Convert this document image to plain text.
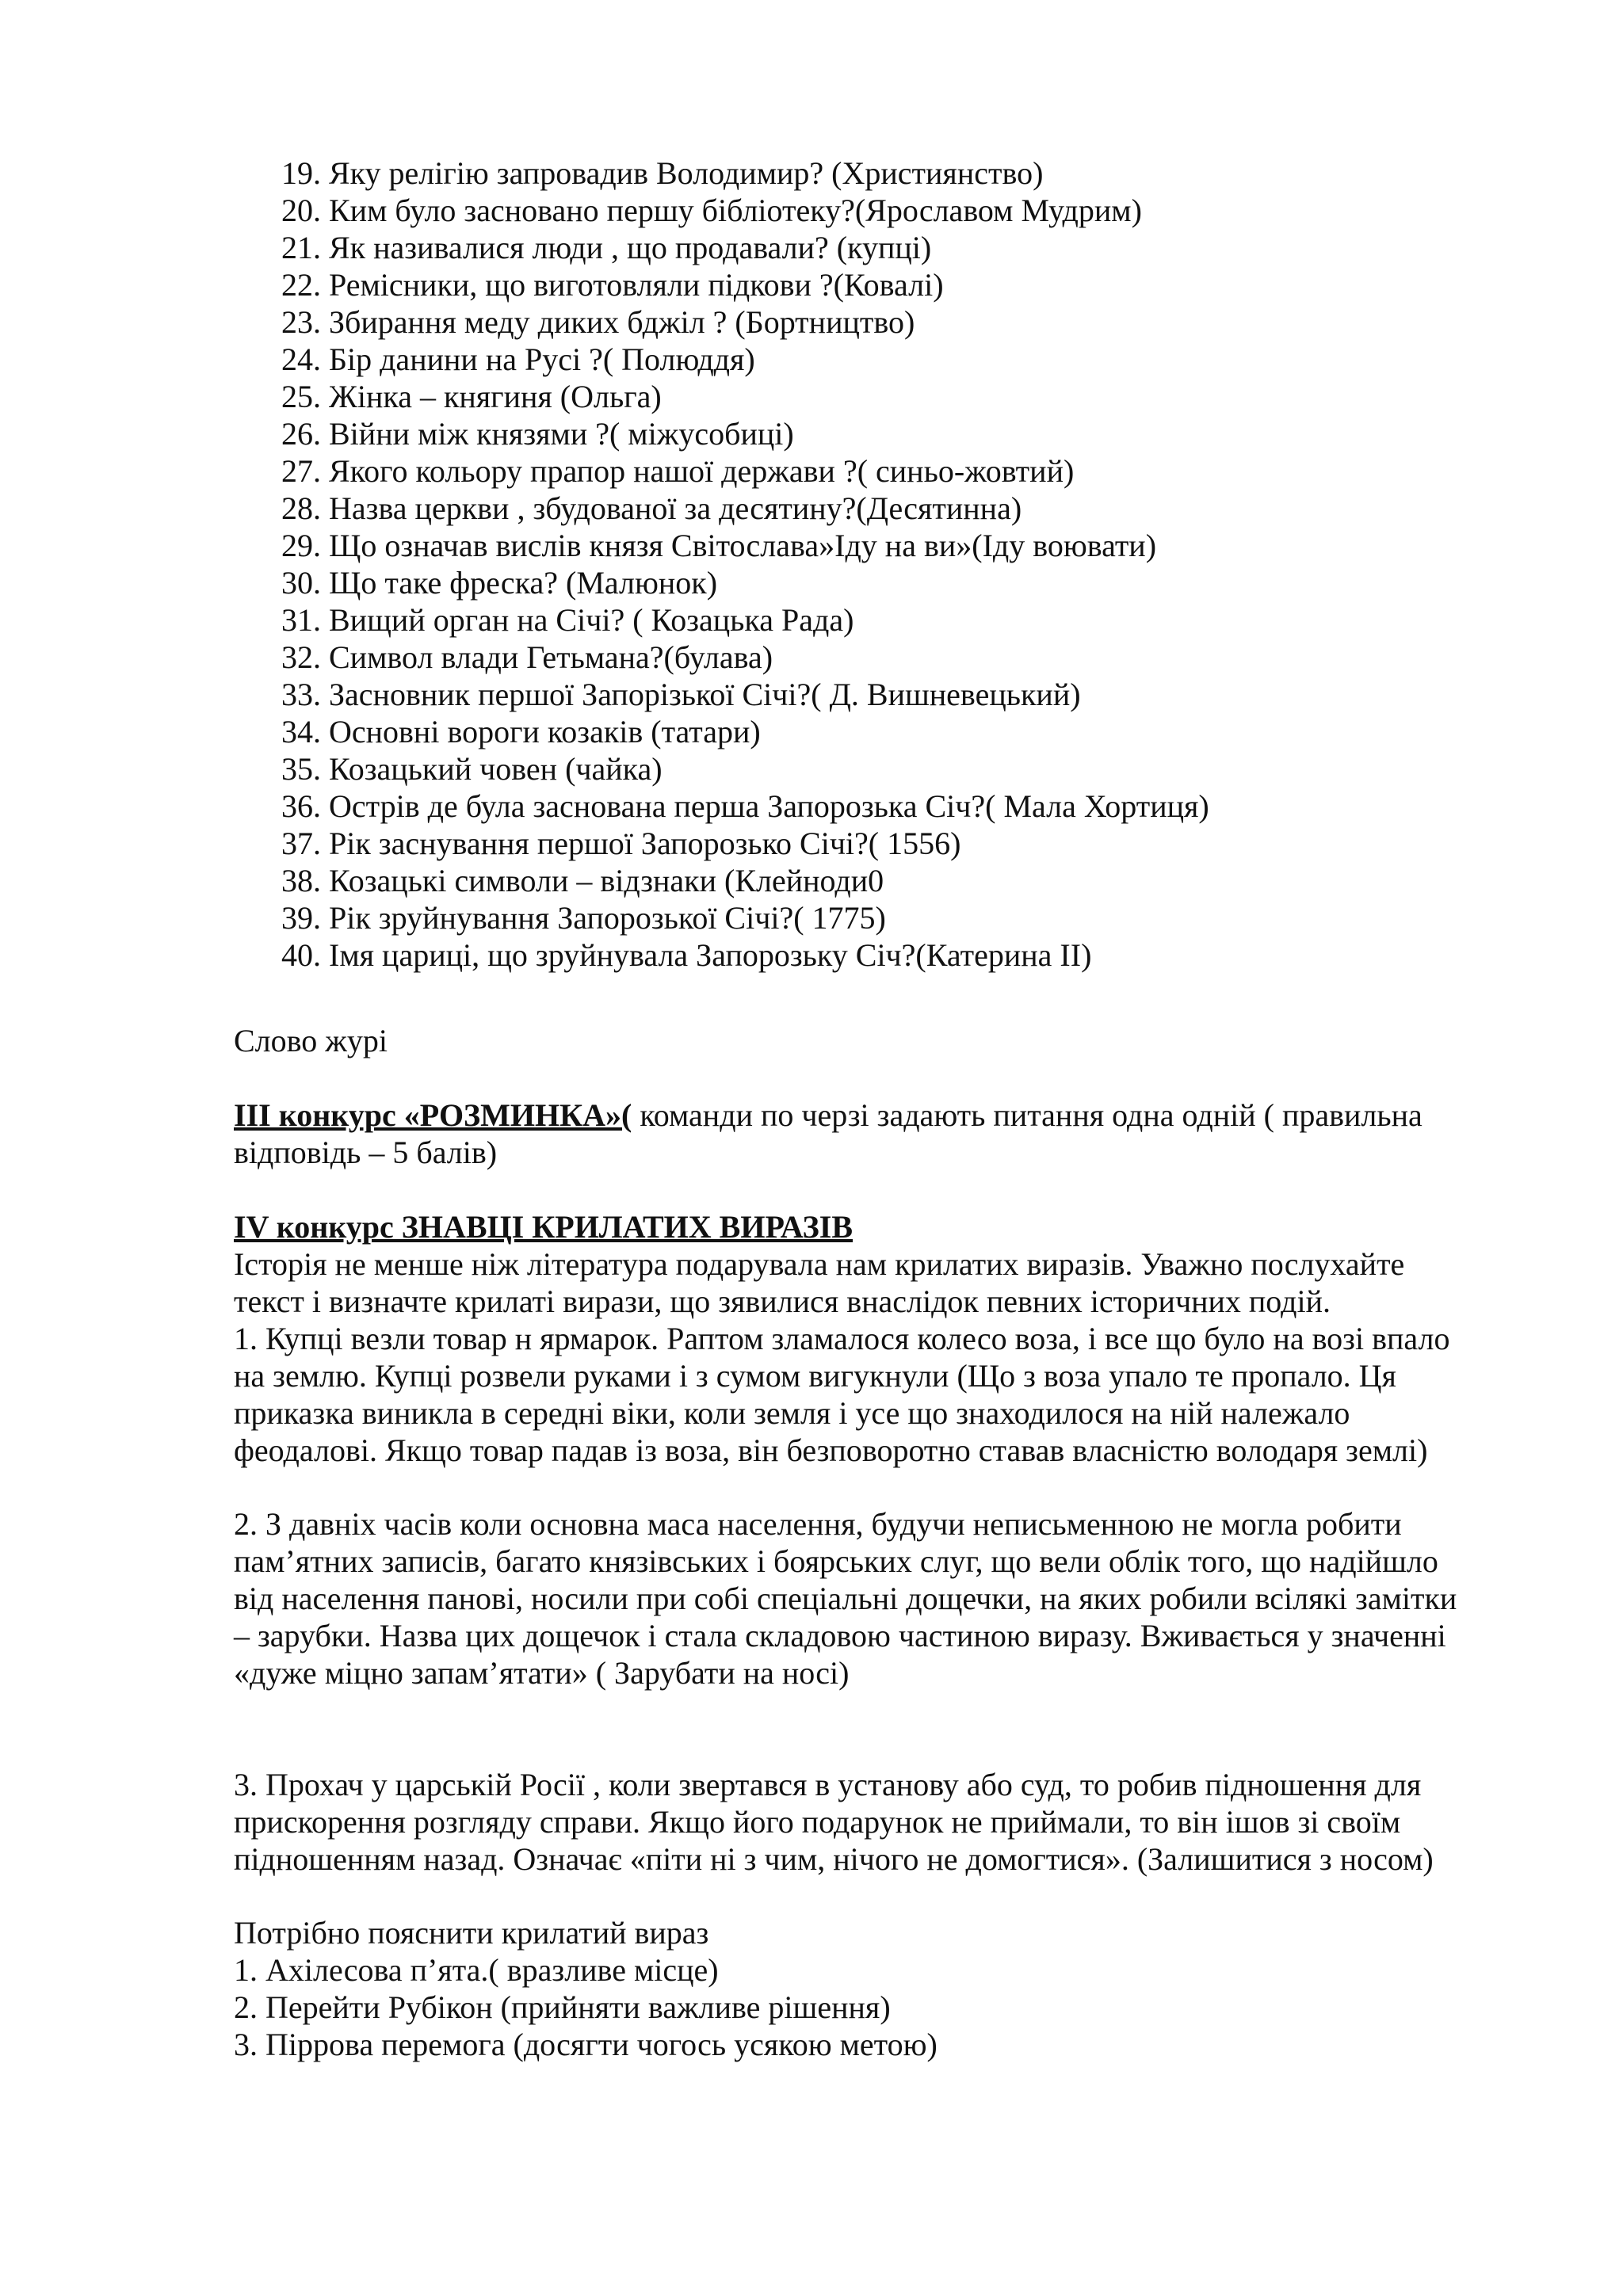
19. Яку релігію запровадив Володимир? (Християнство)
20. Ким було засновано першу бібліотеку?(Ярославом Мудрим)
21. Як називалися люди , що продавали? (купці)
22. Ремісники, що виготовляли підкови ?(Ковалі)
23. Збирання меду диких бджіл ? (Бортництво)
24. Бір данини на Русі ?( Полюддя)
25. Жінка – княгиня (Ольга)
26. Війни між князями ?( міжусобиці)
27. Якого кольору прапор нашої держави ?( синьо-жовтий)
28. Назва церкви , збудованої за десятину?(Десятинна)
29. Що означав вислів князя Світослава»Іду на ви»(Іду воювати)
30. Що таке фреска? (Малюнок)
31. Вищий орган на Січі? ( Козацька Рада)
32. Символ влади Гетьмана?(булава)
33. Засновник першої Запорізької Січі?( Д. Вишневецький)
34. Основні вороги козаків (татари)
35. Козацький човен (чайка)
36. Острів де була заснована перша Запорозька Січ?( Мала Хортиця)
37. Рік заснування першої Запорозько Січі?( 1556)
38. Козацькі символи – відзнаки (Клейноди0
39. Рік зруйнування Запорозької Січі?( 1775)
40. Імя цариці, що зруйнувала Запорозьку Січ?(Катерина ІІ)

Слово журі

ІІІ конкурс «РОЗМИНКА»( команди по черзі задають питання одна одній ( правильна

відповідь – 5 балів)

IV конкурс ЗНАВЦІ КРИЛАТИХ ВИРАЗІВ

Історія не менше ніж література подарувала нам крилатих виразів. Уважно послухайте

текст і визначте крилаті вирази, що зявилися внаслідок певних історичних подій.

1. Купці везли товар н ярмарок. Раптом зламалося колесо воза, і все що було на возі впало

на землю. Купці розвели руками і з сумом вигукнули (Що з воза упало те пропало. Ця

приказка виникла в середні віки, коли земля і усе що знаходилося на ній належало

феодалові. Якщо товар падав із воза, він безповоротно ставав власністю володаря землі)

2. З давніх часів коли основна маса населення, будучи неписьменною не могла робити

пам’ятних записів, багато князівських і боярських слуг, що вели облік того, що надійшло

від населення панові, носили при собі спеціальні дощечки, на яких робили всілякі замітки

– зарубки. Назва цих дощечок і стала складовою частиною виразу. Вживається у значенні

«дуже міцно запам’ятати» ( Зарубати на носі)

3. Прохач у царській Росії , коли звертався в установу або суд, то робив підношення для

прискорення розгляду справи. Якщо його подарунок не приймали, то він ішов зі своїм

підношенням назад. Означає «піти ні з чим, нічого не домогтися». (Залишитися з носом)

Потрібно пояснити крилатий вираз

1. Ахілесова п’ята.( вразливе місце)

2. Перейти Рубікон (прийняти важливе рішення)

3. Піррова перемога (досягти чогось усякою метою)
